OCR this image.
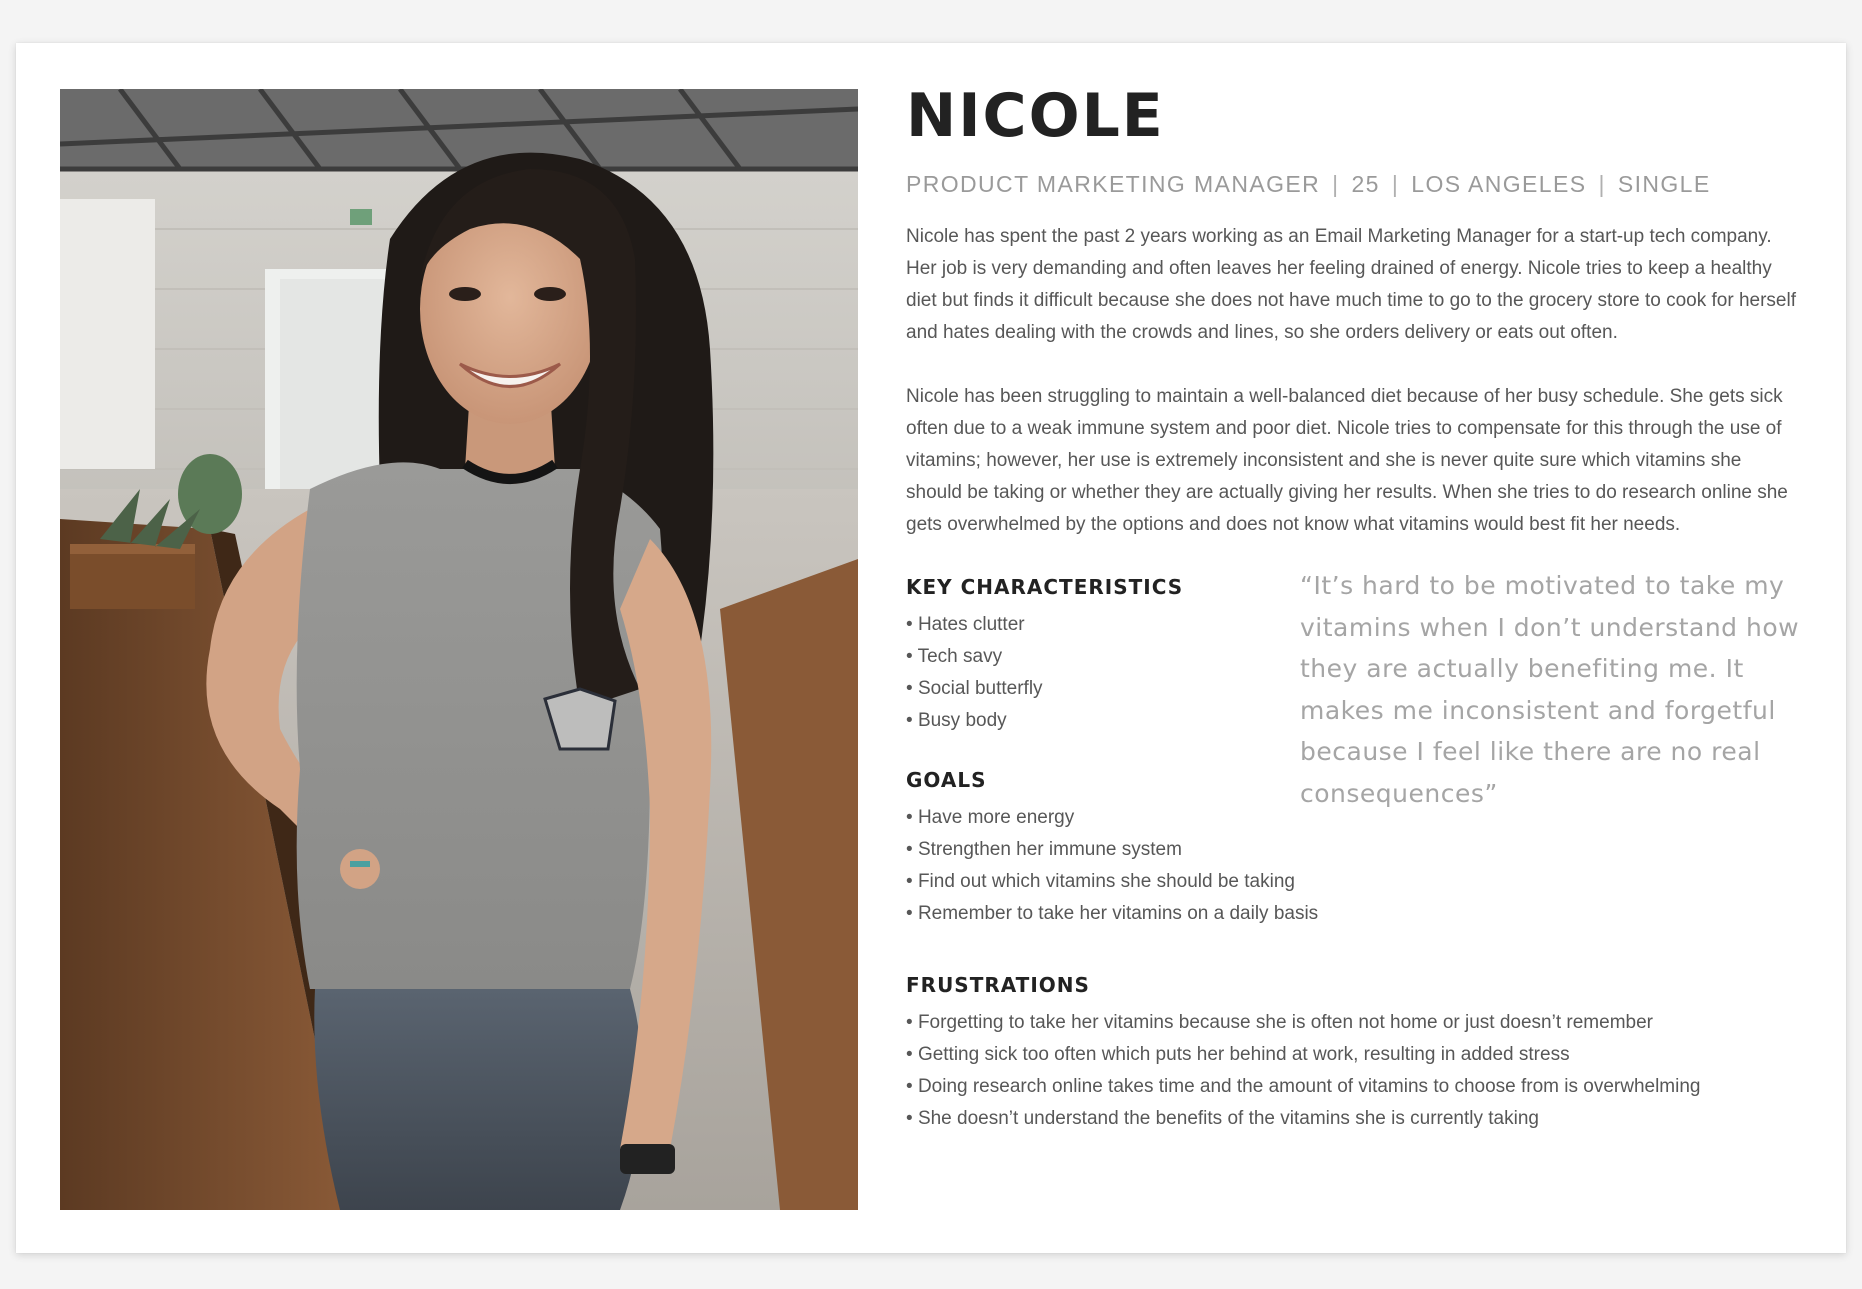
NICOLE
PRODUCT MARKETING MANAGER | 25 | LOS ANGELES | SINGLE

Nicole has spent the past 2 years working as an Email Marketing Manager for a start-up tech company. Her job is very demanding and often leaves her feeling drained of energy. Nicole tries to keep a healthy diet but finds it difficult because she does not have much time to go to the grocery store to cook for herself and hates dealing with the crowds and lines, so she orders delivery or eats out often.

Nicole has been struggling to maintain a well-balanced diet because of her busy schedule. She gets sick often due to a weak immune system and poor diet. Nicole tries to compensate for this through the use of vitamins; however, her use is extremely inconsistent and she is never quite sure which vitamins she should be taking or whether they are actually giving her results. When she tries to do research online she gets overwhelmed by the options and does not know what vitamins would best fit her needs.

KEY CHARACTERISTICS
• Hates clutter
• Tech savy
• Social butterfly
• Busy body
“It’s hard to be motivated to take my vitamins when I don’t understand how they are actually benefiting me. It makes me inconsistent and forgetful because I feel like there are no real consequences”
GOALS
• Have more energy
• Strengthen her immune system
• Find out which vitamins she should be taking
• Remember to take her vitamins on a daily basis
FRUSTRATIONS
• Forgetting to take her vitamins because she is often not home or just doesn’t remember
• Getting sick too often which puts her behind at work, resulting in added stress
• Doing research online takes time and the amount of vitamins to choose from is overwhelming
• She doesn’t understand the benefits of the vitamins she is currently taking
